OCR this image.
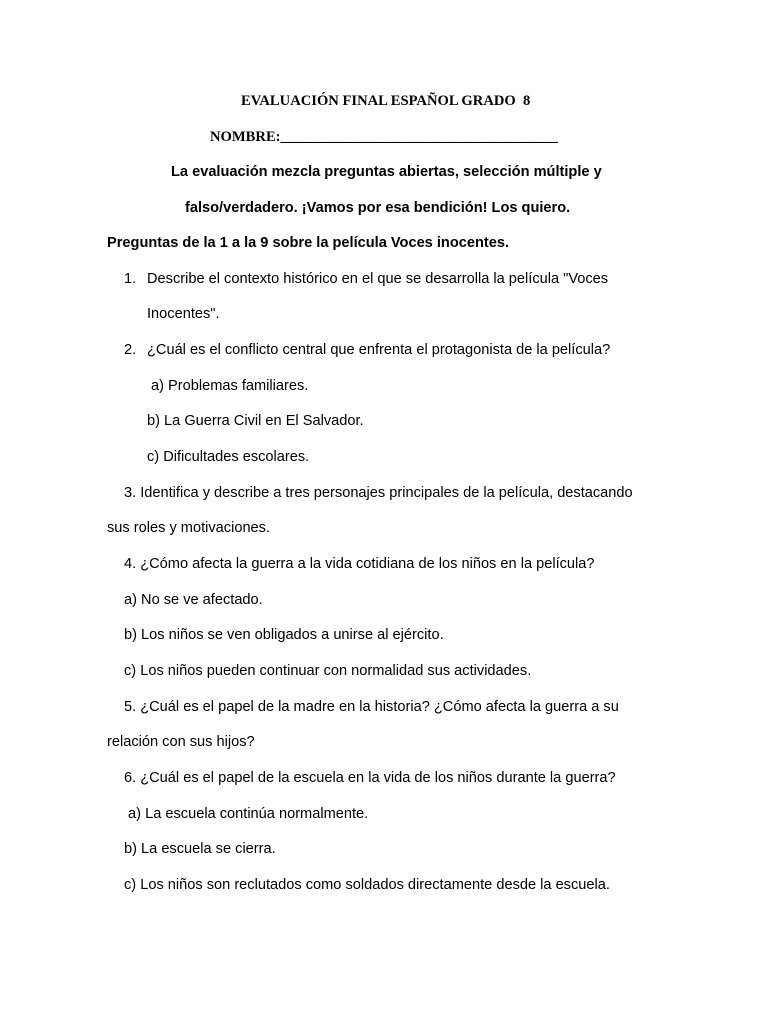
EVALUACIÓN FINAL ESPAÑOL GRADO  8
NOMBRE:______________________________________
La evaluación mezcla preguntas abiertas, selección múltiple y
falso/verdadero. ¡Vamos por esa bendición! Los quiero.
Preguntas de la 1 a la 9 sobre la película Voces inocentes.
1. Describe el contexto histórico en el que se desarrolla la película "Voces
Inocentes".
2. ¿Cuál es el conflicto central que enfrenta el protagonista de la película?
a) Problemas familiares.
b) La Guerra Civil en El Salvador.
c) Dificultades escolares.
3. Identifica y describe a tres personajes principales de la película, destacando
sus roles y motivaciones.
4. ¿Cómo afecta la guerra a la vida cotidiana de los niños en la película?
a) No se ve afectado.
b) Los niños se ven obligados a unirse al ejército.
c) Los niños pueden continuar con normalidad sus actividades.
5. ¿Cuál es el papel de la madre en la historia? ¿Cómo afecta la guerra a su
relación con sus hijos?
6. ¿Cuál es el papel de la escuela en la vida de los niños durante la guerra?
a) La escuela continúa normalmente.
b) La escuela se cierra.
c) Los niños son reclutados como soldados directamente desde la escuela.
